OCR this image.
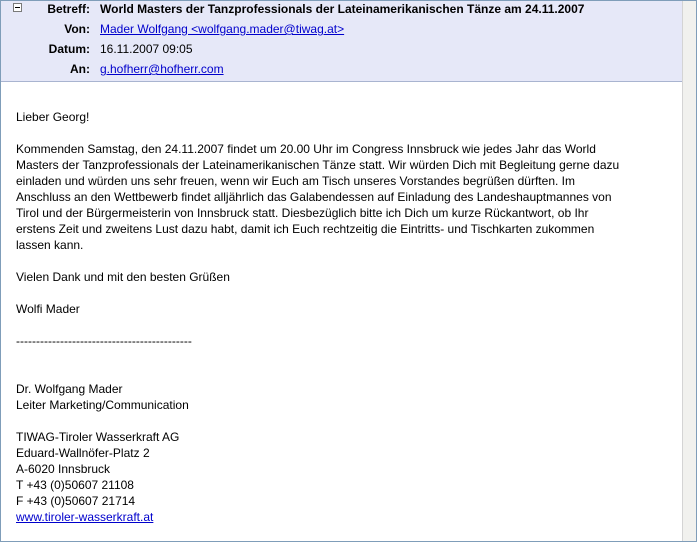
Betreff: World Masters der Tanzprofessionals der Lateinamerikanischen Tänze am 24.11.2007
Von: Mader Wolfgang <wolfgang.mader@tiwag.at>
Datum: 16.11.2007 09:05
An: g.hofherr@hofherr.com

Lieber Georg!

Kommenden Samstag, den 24.11.2007 findet um 20.00 Uhr im Congress Innsbruck wie jedes Jahr das World
Masters der Tanzprofessionals der Lateinamerikanischen Tänze statt. Wir würden Dich mit Begleitung gerne dazu
einladen und würden uns sehr freuen, wenn wir Euch am Tisch unseres Vorstandes begrüßen dürften. Im
Anschluss an den Wettbewerb findet alljährlich das Galabendessen auf Einladung des Landeshauptmannes von
Tirol und der Bürgermeisterin von Innsbruck statt. Diesbezüglich bitte ich Dich um kurze Rückantwort, ob Ihr
erstens Zeit und zweitens Lust dazu habt, damit ich Euch rechtzeitig die Eintritts- und Tischkarten zukommen
lassen kann.

Vielen Dank und mit den besten Grüßen

Wolfi Mader

--------------------------------------------

Dr. Wolfgang Mader

Leiter Marketing/Communication

TIWAG-Tiroler Wasserkraft AG

Eduard-Wallnöfer-Platz 2

A-6020 Innsbruck

T +43 (0)50607 21108

F +43 (0)50607 21714

www.tiroler-wasserkraft.at
